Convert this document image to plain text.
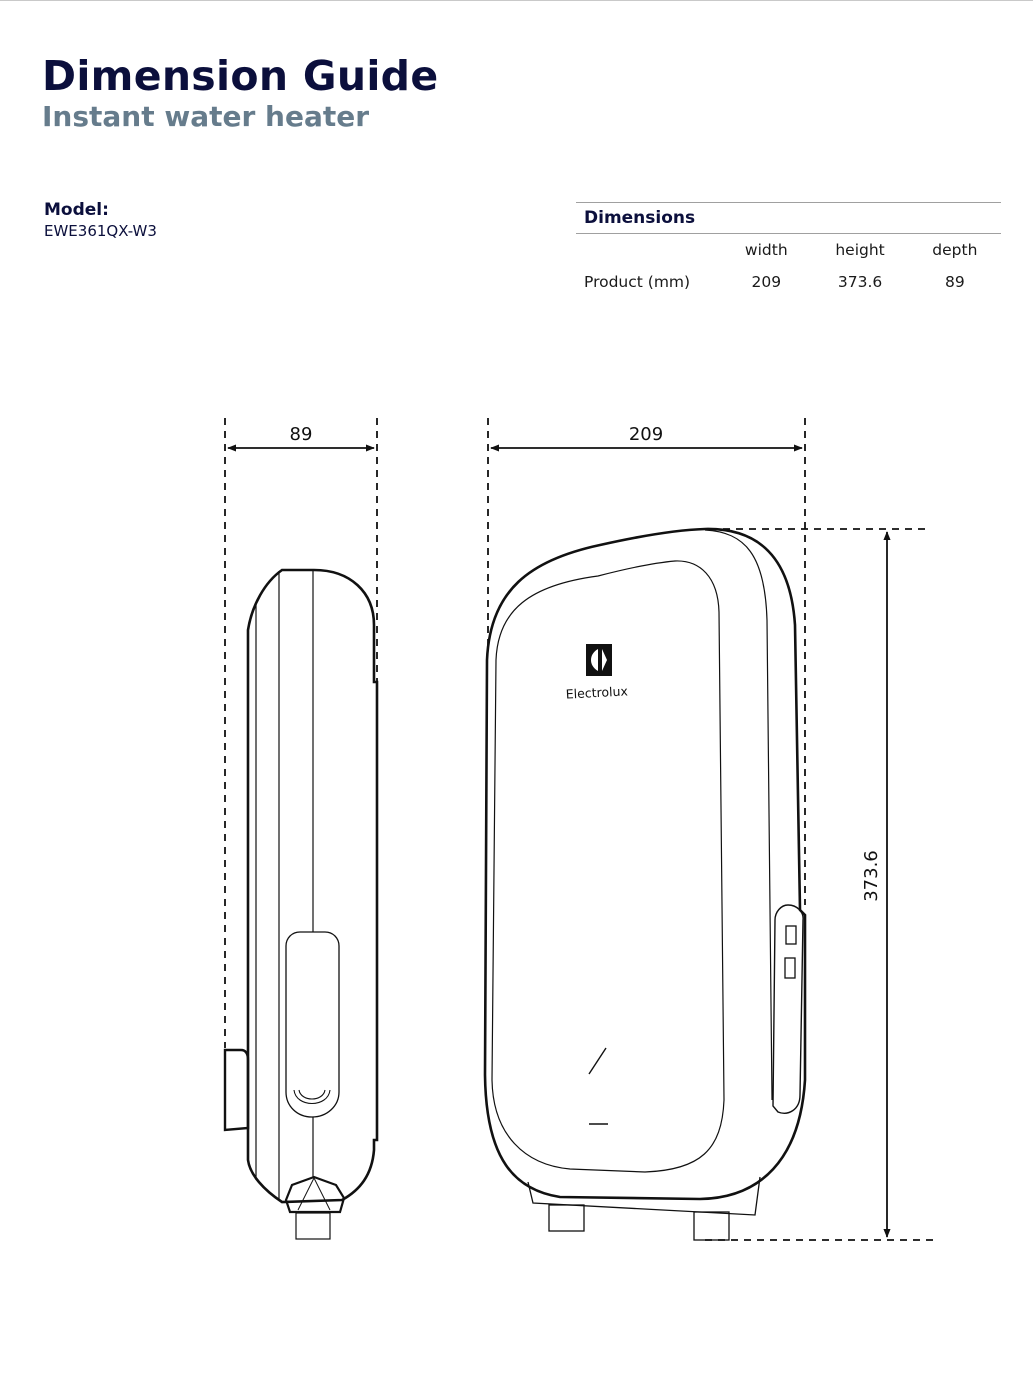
Dimension Guide
Instant water heater
Model:
EWE361QX-W3
Dimensions
	width	height	depth
Product (mm)	209	373.6	89
Electrolux
89	209
373.6
